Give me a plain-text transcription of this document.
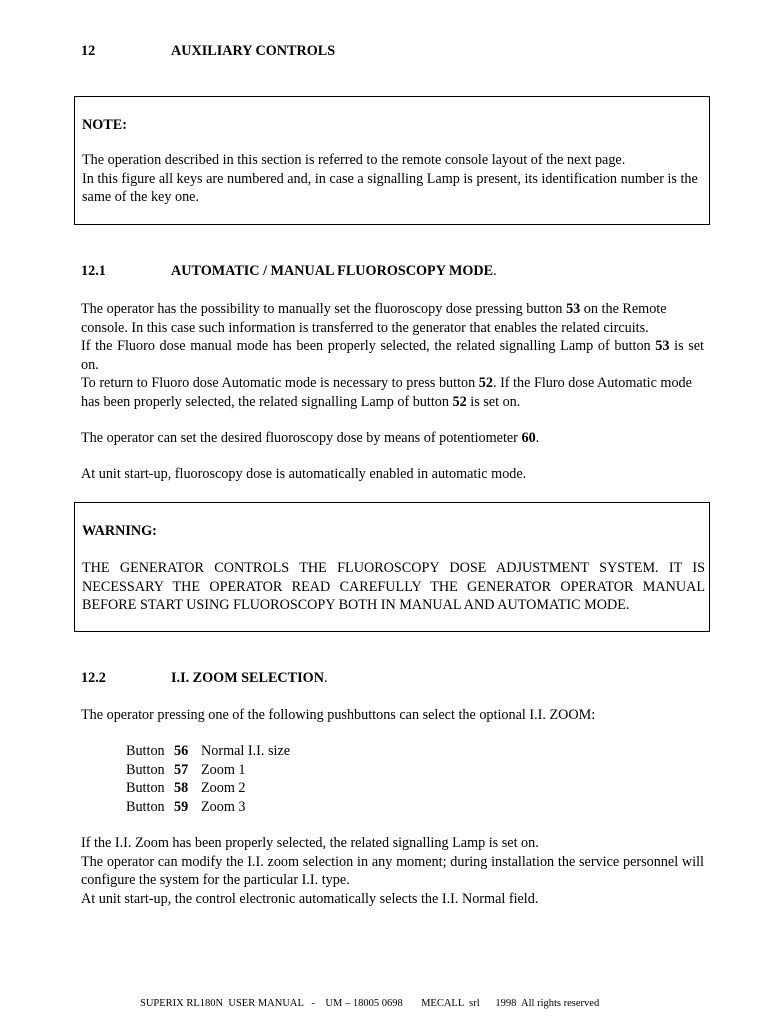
12	AUXILIARY CONTROLS
NOTE:

The operation described in this section is referred to the remote console layout of the next page.

In this figure all keys are numbered and, in case a signalling Lamp is present, its identification number is the same of the key one.

12.1	AUTOMATIC / MANUAL FLUOROSCOPY MODE.

The operator has the possibility to manually set the fluoroscopy dose pressing button 53 on the Remote console. In this case such information is transferred to the generator that enables the related circuits.

If the Fluoro dose manual mode has been properly selected, the related signalling Lamp of button 53 is set on.

To return to Fluoro dose Automatic mode is necessary to press button 52. If the Fluro dose Automatic mode has been properly selected, the related signalling Lamp of button 52 is set on.

The operator can set the desired fluoroscopy dose by means of potentiometer 60.
At unit start-up, fluoroscopy dose is automatically enabled in automatic mode.
WARNING:
THE GENERATOR CONTROLS THE FLUOROSCOPY DOSE ADJUSTMENT SYSTEM. IT IS NECESSARY THE OPERATOR READ CAREFULLY THE GENERATOR OPERATOR MANUAL BEFORE START USING FLUOROSCOPY BOTH IN MANUAL AND AUTOMATIC MODE.
12.2	I.I. ZOOM SELECTION.
The operator pressing one of the following pushbuttons can select the optional I.I. ZOOM:
Button 56 Normal I.I. size
Button 57 Zoom 1
Button 58 Zoom 2
Button 59 Zoom 3

If the I.I. Zoom has been properly selected, the related signalling Lamp is set on.

The operator can modify the I.I. zoom selection in any moment; during installation the service personnel will configure the system for the particular I.I. type.

At unit start-up, the control electronic automatically selects the I.I. Normal field.

SUPERIX RL180N  USER MANUAL   - UM – 18005 0698 MECALL  srl 1998  All rights reserved
